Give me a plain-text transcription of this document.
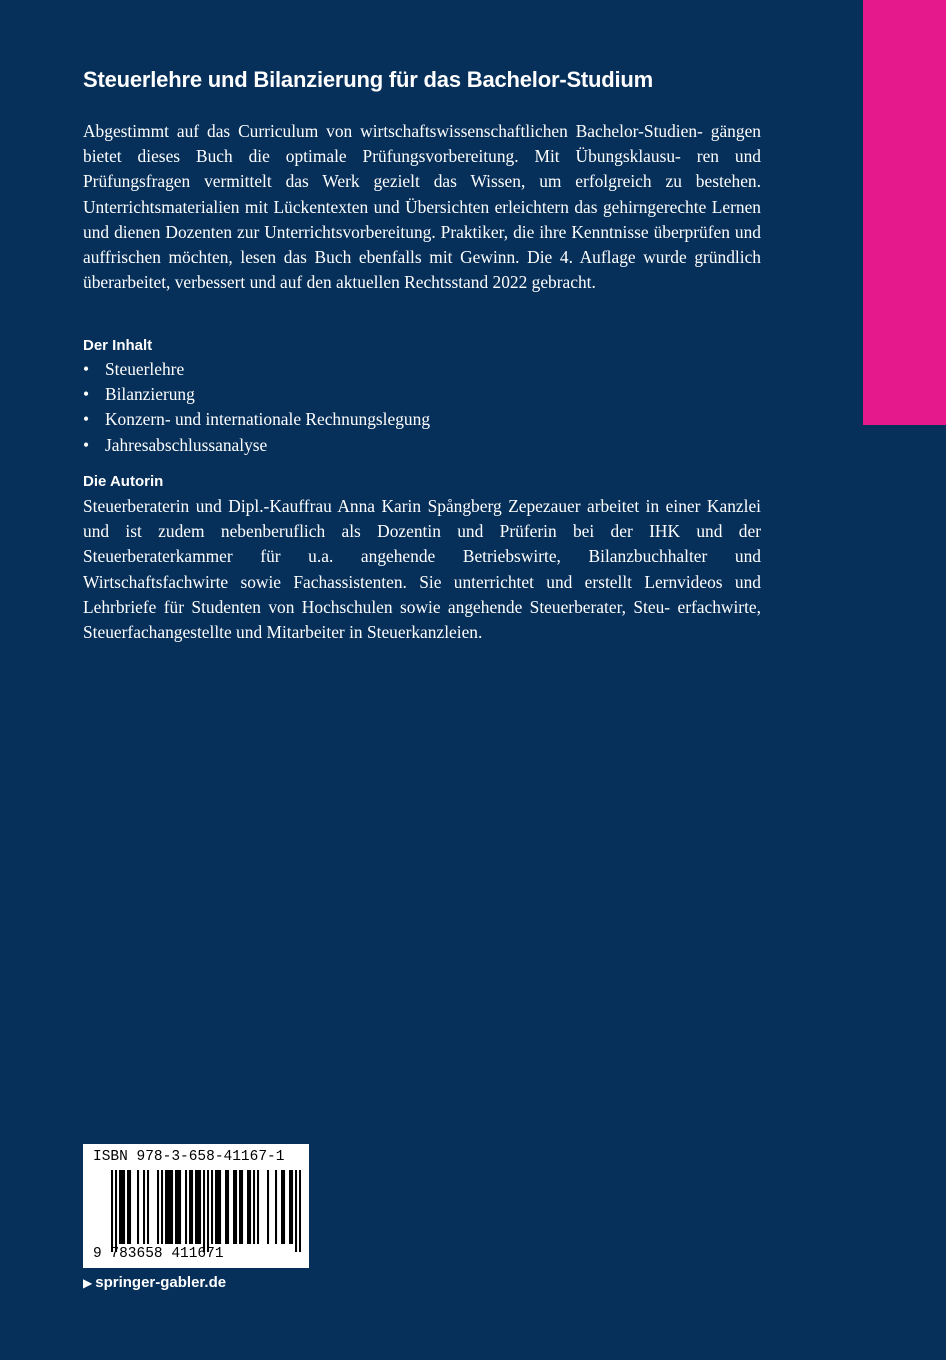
Steuerlehre und Bilanzierung für das Bachelor-Studium
Abgestimmt auf das Curriculum von wirtschaftswissenschaftlichen Bachelor-Studien- gängen bietet dieses Buch die optimale Prüfungsvorbereitung. Mit Übungsklausu- ren und Prüfungsfragen vermittelt das Werk gezielt das Wissen, um erfolgreich zu bestehen. Unterrichtsmaterialien mit Lückentexten und Übersichten erleichtern das gehirngerechte Lernen und dienen Dozenten zur Unterrichtsvorbereitung. Praktiker, die ihre Kenntnisse überprüfen und auffrischen möchten, lesen das Buch ebenfalls mit Gewinn. Die 4. Auflage wurde gründlich überarbeitet, verbessert und auf den aktuellen Rechtsstand 2022 gebracht.
Der Inhalt
• Steuerlehre
• Bilanzierung
• Konzern- und internationale Rechnungslegung
• Jahresabschlussanalyse
Die Autorin
Steuerberaterin und Dipl.-Kauffrau Anna Karin Spångberg Zepezauer arbeitet in einer Kanzlei und ist zudem nebenberuflich als Dozentin und Prüferin bei der IHK und der Steuerberaterkammer für u.a. angehende Betriebswirte, Bilanzbuchhalter und Wirtschaftsfachwirte sowie Fachassistenten. Sie unterrichtet und erstellt Lernvideos und Lehrbriefe für Studenten von Hochschulen sowie angehende Steuerberater, Steu- erfachwirte, Steuerfachangestellte und Mitarbeiter in Steuerkanzleien.
ISBN 978-3-658-41167-1
9 783658 411671
▶ springer-gabler.de
